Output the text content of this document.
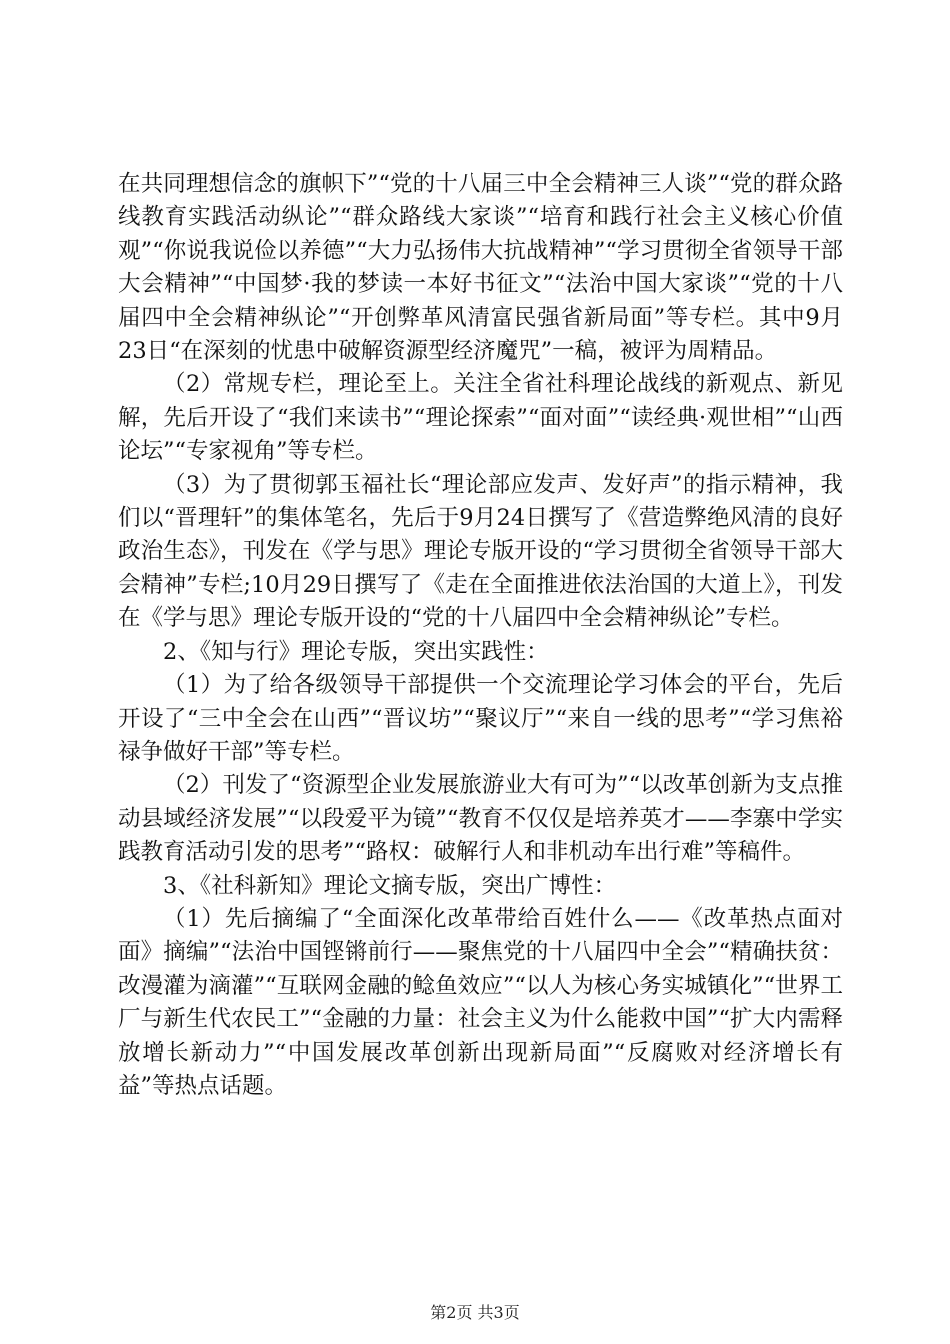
在共同理想信念的旗帜下”“党的十八届三中全会精神三人谈”“党的群众路线教育实践活动纵论”“群众路线大家谈”“培育和践行社会主义核心价值观”“你说我说俭以养德”“大力弘扬伟大抗战精神”“学习贯彻全省领导干部大会精神”“中国梦·我的梦读一本好书征文”“法治中国大家谈”“党的十八届四中全会精神纵论”“开创弊革风清富民强省新局面”等专栏。其中9月23日“在深刻的忧患中破解资源型经济魔咒”一稿，被评为周精品。

（2）常规专栏，理论至上。关注全省社科理论战线的新观点、新见解，先后开设了“我们来读书”“理论探索”“面对面”“读经典·观世相”“山西论坛”“专家视角”等专栏。

（3）为了贯彻郭玉福社长“理论部应发声、发好声”的指示精神，我们以“晋理轩”的集体笔名，先后于9月24日撰写了《营造弊绝风清的良好政治生态》，刊发在《学与思》理论专版开设的“学习贯彻全省领导干部大会精神”专栏;10月29日撰写了《走在全面推进依法治国的大道上》，刊发在《学与思》理论专版开设的“党的十八届四中全会精神纵论”专栏。

2、《知与行》理论专版，突出实践性：

（1）为了给各级领导干部提供一个交流理论学习体会的平台，先后开设了“三中全会在山西”“晋议坊”“聚议厅”“来自一线的思考”“学习焦裕禄争做好干部”等专栏。

（2）刊发了“资源型企业发展旅游业大有可为”“以改革创新为支点推动县域经济发展”“以段爱平为镜”“教育不仅仅是培养英才——李寨中学实践教育活动引发的思考”“路权：破解行人和非机动车出行难”等稿件。

3、《社科新知》理论文摘专版，突出广博性：

（1）先后摘编了“全面深化改革带给百姓什么——《改革热点面对面》摘编”“法治中国铿锵前行——聚焦党的十八届四中全会”“精确扶贫：改漫灌为滴灌”“互联网金融的鲶鱼效应”“以人为核心务实城镇化”“世界工厂与新生代农民工”“金融的力量：社会主义为什么能救中国”“扩大内需释放增长新动力”“中国发展改革创新出现新局面”“反腐败对经济增长有益”等热点话题。

第2页 共3页
